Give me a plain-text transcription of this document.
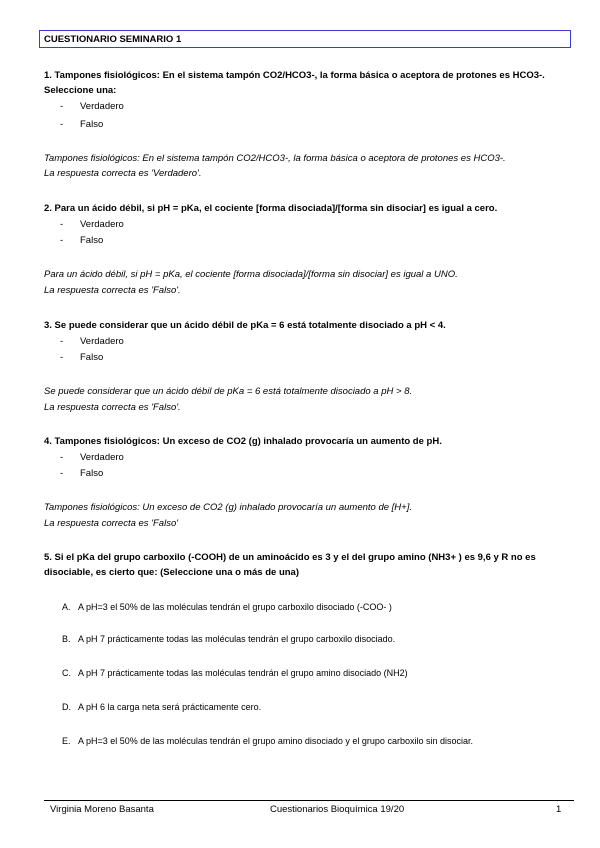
CUESTIONARIO SEMINARIO 1
1. Tampones fisiológicos: En el sistema tampón CO2/HCO3-, la forma básica o aceptora de protones es HCO3-. Seleccione una:
- Verdadero
- Falso
Tampones fisiológicos: En el sistema tampón CO2/HCO3-, la forma básica o aceptora de protones es HCO3-.
La respuesta correcta es 'Verdadero'.
2. Para un ácido débil, si pH = pKa, el cociente [forma disociada]/[forma sin disociar] es igual a cero.
- Verdadero
- Falso
Para un ácido débil, si pH = pKa, el cociente [forma disociada]/[forma sin disociar] es igual a UNO.
La respuesta correcta es 'Falso'.
3. Se puede considerar que un ácido débil de pKa = 6 está totalmente disociado a pH < 4.
- Verdadero
- Falso
Se puede considerar que un ácido débil de pKa = 6 está totalmente disociado a pH > 8.
La respuesta correcta es 'Falso'.
4. Tampones fisiológicos: Un exceso de CO2 (g) inhalado provocaría un aumento de pH.
- Verdadero
- Falso
Tampones fisiológicos: Un exceso de CO2 (g) inhalado provocaría un aumento de [H+].
La respuesta correcta es 'Falso'
5. Si el pKa del grupo carboxilo (-COOH) de un aminoácido es 3 y el del grupo amino (NH3+ ) es 9,6 y R no es disociable, es cierto que: (Seleccione una o más de una)
A. A pH=3 el 50% de las moléculas tendrán el grupo carboxilo disociado (-COO- )
B. A pH 7 prácticamente todas las moléculas tendrán el grupo carboxilo disociado.
C. A pH 7 prácticamente todas las moléculas tendrán el grupo amino disociado (NH2)
D. A pH 6 la carga neta será prácticamente cero.
E. A pH=3 el 50% de las moléculas tendrán el grupo amino disociado y el grupo carboxilo sin disociar.
Virginia Moreno Basanta	Cuestionarios Bioquímica 19/20	1
